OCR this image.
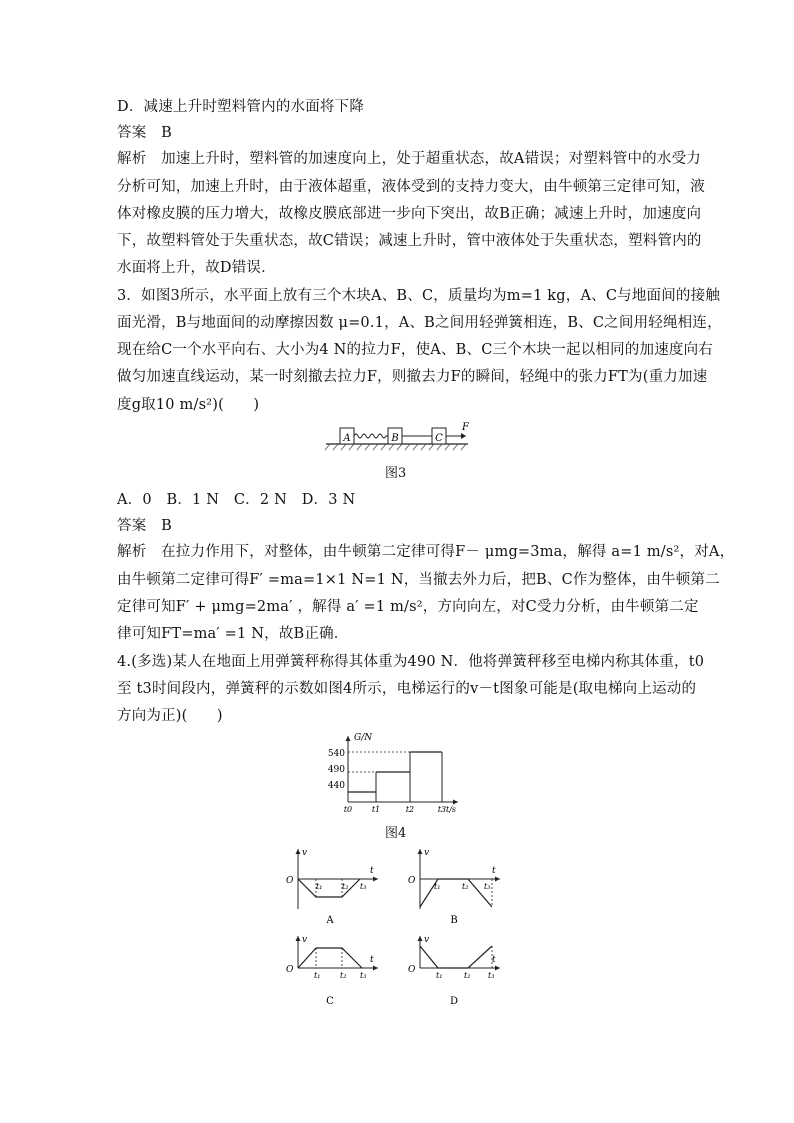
D．减速上升时塑料管内的水面将下降
答案　B
解析　加速上升时，塑料管的加速度向上，处于超重状态，故A错误；对塑料管中的水受力
分析可知，加速上升时，由于液体超重，液体受到的支持力变大，由牛顿第三定律可知，液
体对橡皮膜的压力增大，故橡皮膜底部进一步向下突出，故B正确；减速上升时，加速度向
下，故塑料管处于失重状态，故C错误；减速上升时，管中液体处于失重状态，塑料管内的
水面将上升，故D错误．
3．如图3所示，水平面上放有三个木块A、B、C，质量均为m=1 kg，A、C与地面间的接触
面光滑，B与地面间的动摩擦因数 μ=0.1，A、B之间用轻弹簧相连，B、C之间用轻绳相连，
现在给C一个水平向右、大小为4 N的拉力F，使A、B、C三个木块一起以相同的加速度向右
做匀加速直线运动，某一时刻撤去拉力F，则撤去力F的瞬间，轻绳中的张力FT为(重力加速
度g取10 m/s²)(　　)
A	B	C
F
图3
A．0　B．1 N　C．2 N　D．3 N
答案　B
解析　在拉力作用下，对整体，由牛顿第二定律可得F－ μmg=3ma，解得 a=1 m/s²，对A，
由牛顿第二定律可得F′ =ma=1×1 N=1 N，当撤去外力后，把B、C作为整体，由牛顿第二
定律可知F′ + μmg=2ma′ ，解得 a′ =1 m/s²，方向向左，对C受力分析，由牛顿第二定
律可知FT=ma′ =1 N，故B正确．
4.(多选)某人在地面上用弹簧秤称得其体重为490 N．他将弹簧秤移至电梯内称其体重，t0
至 t3时间段内，弹簧秤的示数如图4所示，电梯运行的v－t图象可能是(取电梯向上运动的
方向为正)(　　)
G/N
t/s
540
490
440
t0 t1	t2	t3
图4
v
t
O
t₁ t₂ t₃
A
v
t
O
t₁	t₂ t₃
B
v
t
O
t₁ t₂ t₃
C
v
t
O
t₁	t₂ t₃
D
